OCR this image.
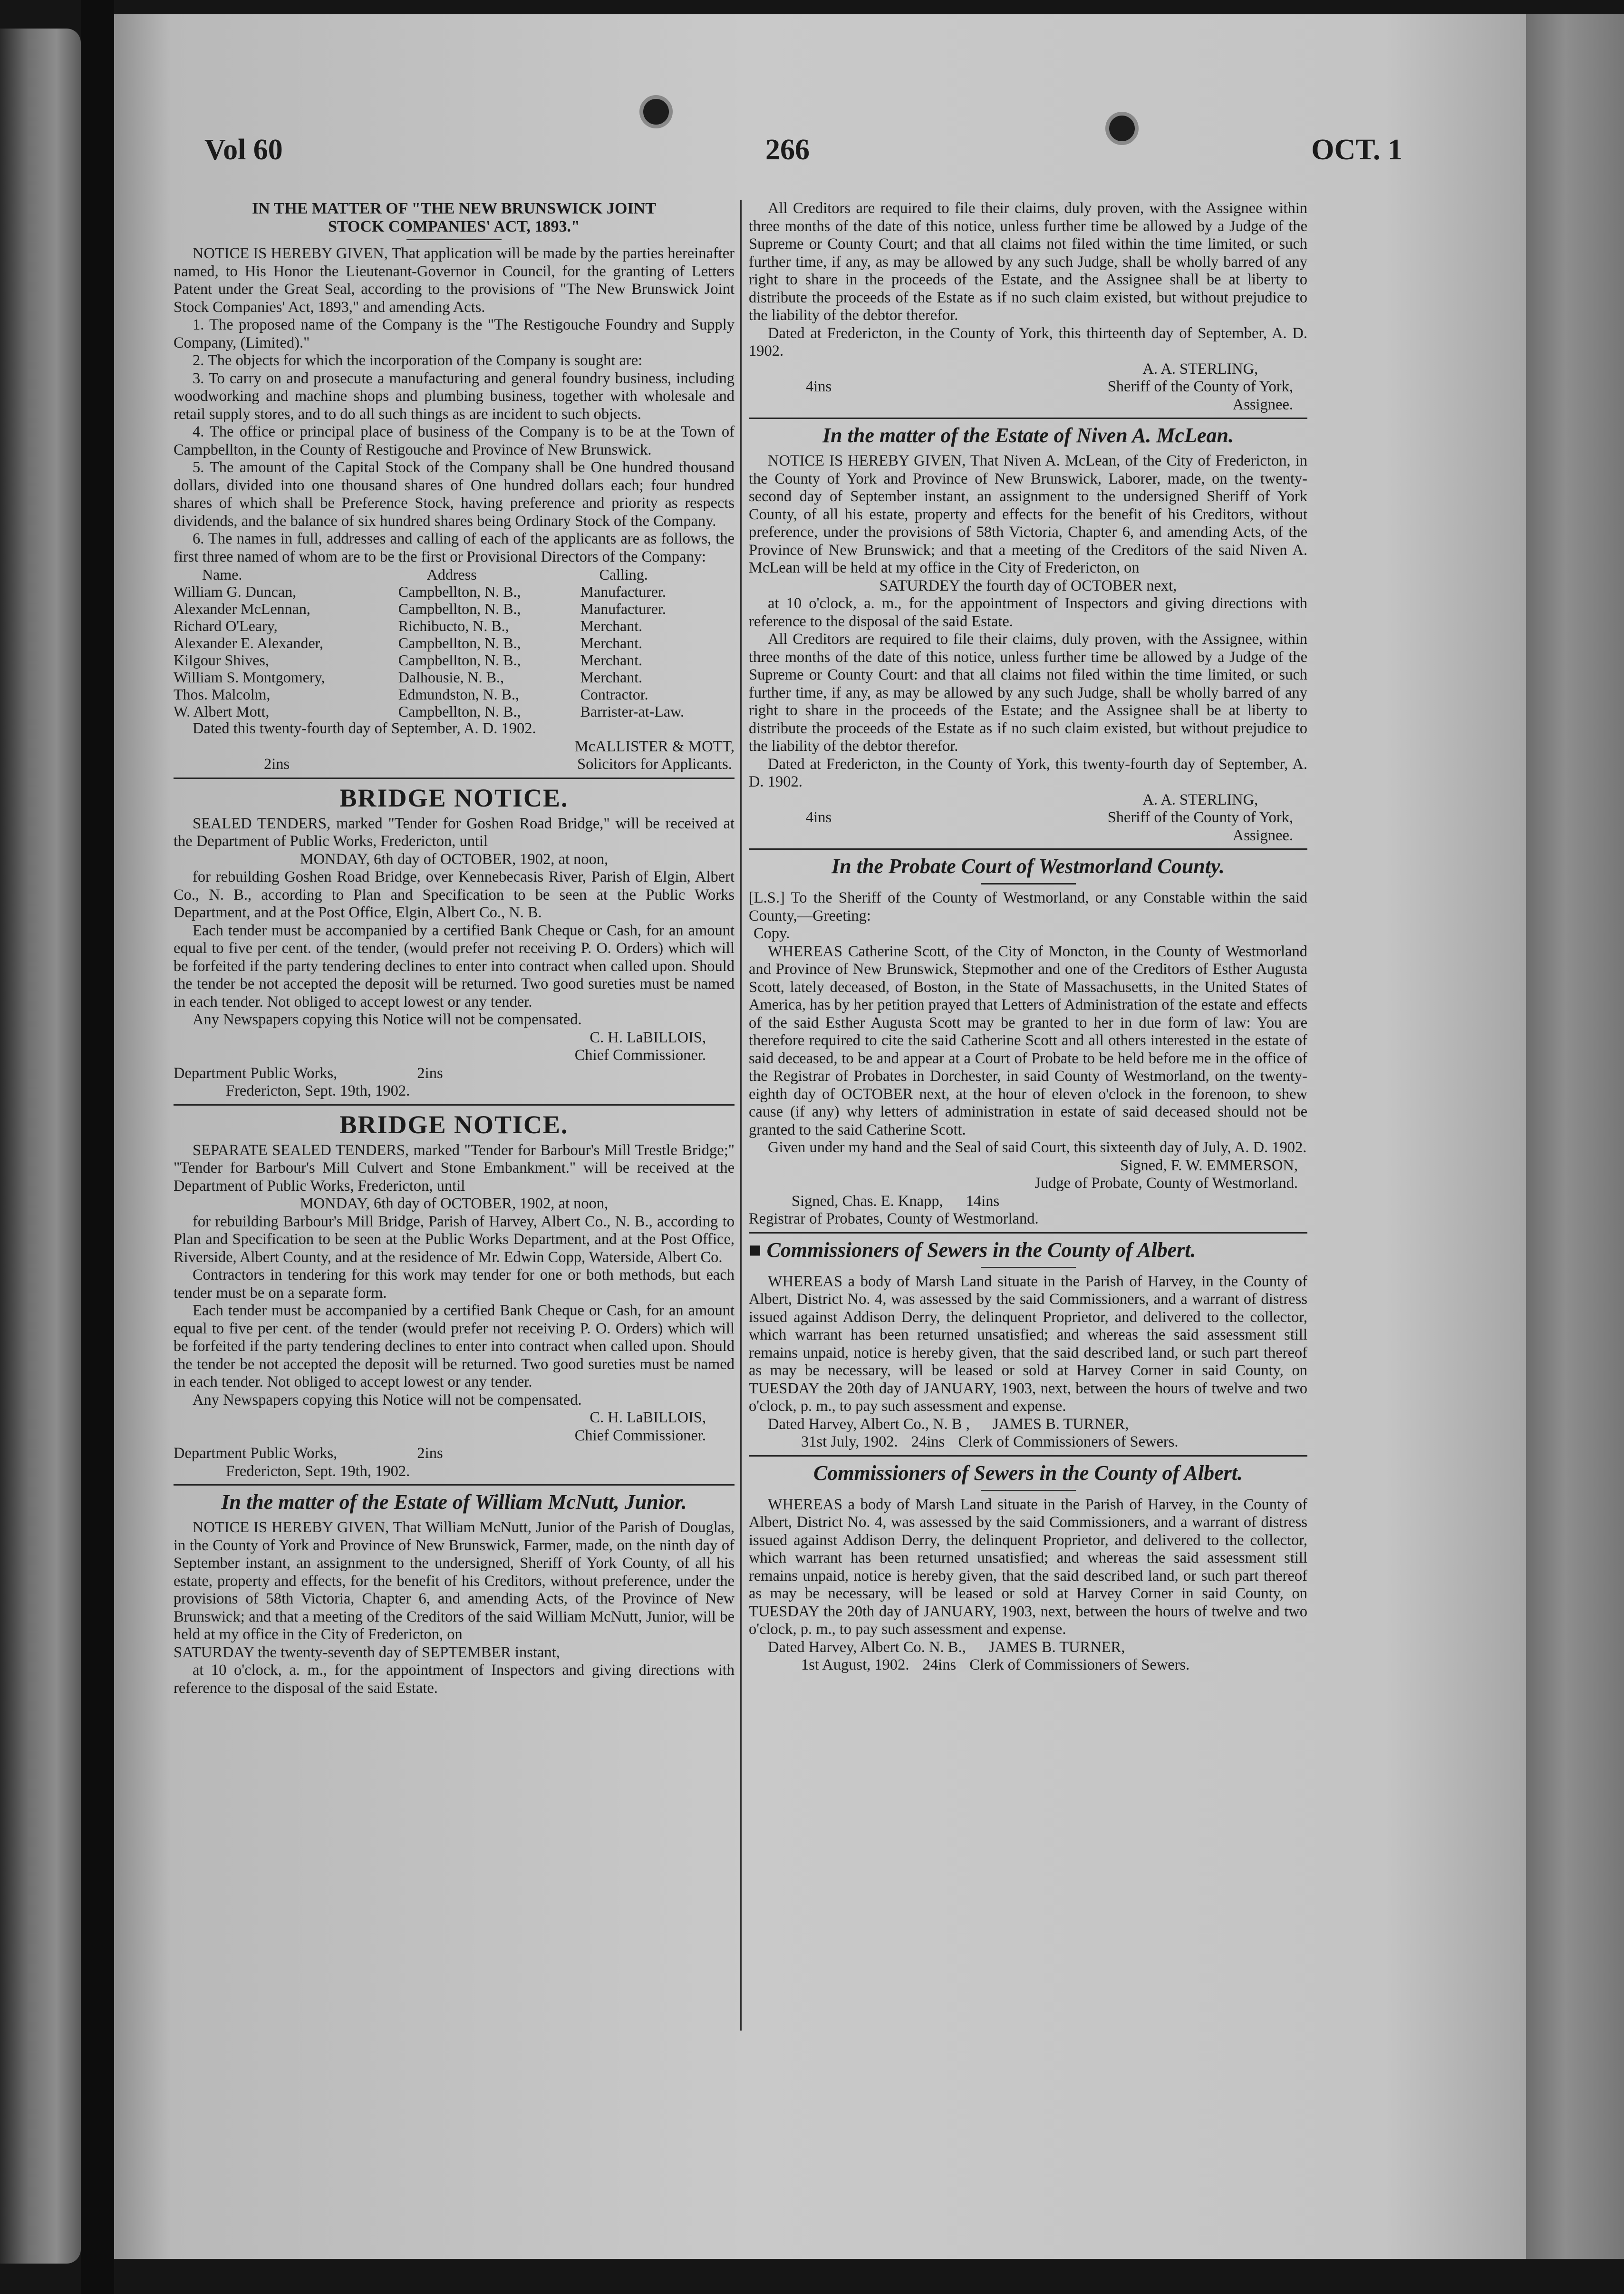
Vol 60	266	OCT. 1
IN THE MATTER OF "THE NEW BRUNSWICK JOINT
STOCK COMPANIES' ACT, 1893."

NOTICE IS HEREBY GIVEN, That application will be made by the parties hereinafter named, to His Honor the Lieutenant-Governor in Council, for the granting of Letters Patent under the Great Seal, according to the provisions of "The New Brunswick Joint Stock Companies' Act, 1893," and amending Acts.

1. The proposed name of the Company is the "The Restigouche Foundry and Supply Company, (Limited)."

2. The objects for which the incorporation of the Company is sought are:

3. To carry on and prosecute a manufacturing and general foundry business, including woodworking and machine shops and plumbing business, together with wholesale and retail supply stores, and to do all such things as are incident to such objects.

4. The office or principal place of business of the Company is to be at the Town of Campbellton, in the County of Restigouche and Province of New Brunswick.

5. The amount of the Capital Stock of the Company shall be One hundred thousand dollars, divided into one thousand shares of One hundred dollars each; four hundred shares of which shall be Preference Stock, having preference and priority as respects dividends, and the balance of six hundred shares being Ordinary Stock of the Company.

6. The names in full, addresses and calling of each of the applicants are as follows, the first three named of whom are to be the first or Provisional Directors of the Company:

Name.	Address	Calling.
William G. Duncan,	Campbellton, N. B.,	Manufacturer.
Alexander McLennan,	Campbellton, N. B.,	Manufacturer.
Richard O'Leary,	Richibucto, N. B.,	Merchant.
Alexander E. Alexander,	Campbellton, N. B.,	Merchant.
Kilgour Shives,	Campbellton, N. B.,	Merchant.
William S. Montgomery,	Dalhousie, N. B.,	Merchant.
Thos. Malcolm,	Edmundston, N. B.,	Contractor.
W. Albert Mott,	Campbellton, N. B.,	Barrister-at-Law.

Dated this twenty-fourth day of September, A. D. 1902.

2ins
McALLISTER & MOTT,
Solicitors for Applicants.
BRIDGE NOTICE.

SEALED TENDERS, marked "Tender for Goshen Road Bridge," will be received at the Department of Public Works, Fredericton, until

MONDAY, 6th day of OCTOBER, 1902, at noon,

for rebuilding Goshen Road Bridge, over Kennebecasis River, Parish of Elgin, Albert Co., N. B., according to Plan and Specification to be seen at the Public Works Department, and at the Post Office, Elgin, Albert Co., N. B.

Each tender must be accompanied by a certified Bank Cheque or Cash, for an amount equal to five per cent. of the tender, (would prefer not receiving P. O. Orders) which will be forfeited if the party tendering declines to enter into contract when called upon. Should the tender be not accepted the deposit will be returned. Two good sureties must be named in each tender. Not obliged to accept lowest or any tender.

Any Newspapers copying this Notice will not be compensated.

C. H. LaBILLOIS,
Chief Commissioner.
Department Public Works,	2ins
Fredericton, Sept. 19th, 1902.
BRIDGE NOTICE.

SEPARATE SEALED TENDERS, marked "Tender for Barbour's Mill Trestle Bridge;" "Tender for Barbour's Mill Culvert and Stone Embankment." will be received at the Department of Public Works, Fredericton, until

MONDAY, 6th day of OCTOBER, 1902, at noon,

for rebuilding Barbour's Mill Bridge, Parish of Harvey, Albert Co., N. B., according to Plan and Specification to be seen at the Public Works Department, and at the Post Office, Riverside, Albert County, and at the residence of Mr. Edwin Copp, Waterside, Albert Co.

Contractors in tendering for this work may tender for one or both methods, but each tender must be on a separate form.

Each tender must be accompanied by a certified Bank Cheque or Cash, for an amount equal to five per cent. of the tender (would prefer not receiving P. O. Orders) which will be forfeited if the party tendering declines to enter into contract when called upon. Should the tender be not accepted the deposit will be returned. Two good sureties must be named in each tender. Not obliged to accept lowest or any tender.

Any Newspapers copying this Notice will not be compensated.

C. H. LaBILLOIS,
Chief Commissioner.
Department Public Works,	2ins
Fredericton, Sept. 19th, 1902.
In the matter of the Estate of William McNutt, Junior.

NOTICE IS HEREBY GIVEN, That William McNutt, Junior of the Parish of Douglas, in the County of York and Province of New Brunswick, Farmer, made, on the ninth day of September instant, an assignment to the undersigned, Sheriff of York County, of all his estate, property and effects, for the benefit of his Creditors, without preference, under the provisions of 58th Victoria, Chapter 6, and amending Acts, of the Province of New Brunswick; and that a meeting of the Creditors of the said William McNutt, Junior, will be held at my office in the City of Fredericton, on

SATURDAY the twenty-seventh day of SEPTEMBER instant,

at 10 o'clock, a. m., for the appointment of Inspectors and giving directions with reference to the disposal of the said Estate.

All Creditors are required to file their claims, duly proven, with the Assignee within three months of the date of this notice, unless further time be allowed by a Judge of the Supreme or County Court; and that all claims not filed within the time limited, or such further time, if any, as may be allowed by any such Judge, shall be wholly barred of any right to share in the proceeds of the Estate, and the Assignee shall be at liberty to distribute the proceeds of the Estate as if no such claim existed, but without prejudice to the liability of the debtor therefor.

Dated at Fredericton, in the County of York, this thirteenth day of September, A. D. 1902.

4ins
A. A. STERLING,
Sheriff of the County of York,
Assignee.
In the matter of the Estate of Niven A. McLean.

NOTICE IS HEREBY GIVEN, That Niven A. McLean, of the City of Fredericton, in the County of York and Province of New Brunswick, Laborer, made, on the twenty-second day of September instant, an assignment to the undersigned Sheriff of York County, of all his estate, property and effects for the benefit of his Creditors, without preference, under the provisions of 58th Victoria, Chapter 6, and amending Acts, of the Province of New Brunswick; and that a meeting of the Creditors of the said Niven A. McLean will be held at my office in the City of Fredericton, on

SATURDEY the fourth day of OCTOBER next,

at 10 o'clock, a. m., for the appointment of Inspectors and giving directions with reference to the disposal of the said Estate.

All Creditors are required to file their claims, duly proven, with the Assignee, within three months of the date of this notice, unless further time be allowed by a Judge of the Supreme or County Court: and that all claims not filed within the time limited, or such further time, if any, as may be allowed by any such Judge, shall be wholly barred of any right to share in the proceeds of the Estate; and the Assignee shall be at liberty to distribute the proceeds of the Estate as if no such claim existed, but without prejudice to the liability of the debtor therefor.

Dated at Fredericton, in the County of York, this twenty-fourth day of September, A. D. 1902.

4ins
A. A. STERLING,
Sheriff of the County of York,
Assignee.
In the Probate Court of Westmorland County.

[L.S.] To the Sheriff of the County of Westmorland, or any Constable within the said County,—Greeting:

Copy.

WHEREAS Catherine Scott, of the City of Moncton, in the County of Westmorland and Province of New Brunswick, Stepmother and one of the Creditors of Esther Augusta Scott, lately deceased, of Boston, in the State of Massachusetts, in the United States of America, has by her petition prayed that Letters of Administration of the estate and effects of the said Esther Augusta Scott may be granted to her in due form of law: You are therefore required to cite the said Catherine Scott and all others interested in the estate of said deceased, to be and appear at a Court of Probate to be held before me in the office of the Registrar of Probates in Dorchester, in said County of Westmorland, on the twenty-eighth day of OCTOBER next, at the hour of eleven o'clock in the forenoon, to shew cause (if any) why letters of administration in estate of said deceased should not be granted to the said Catherine Scott.

Given under my hand and the Seal of said Court, this sixteenth day of July, A. D. 1902.

Signed, F. W. EMMERSON,
Judge of Probate, County of Westmorland.
Signed, Chas. E. Knapp, 14ins
Registrar of Probates, County of Westmorland.
■ Commissioners of Sewers in the County of Albert.

WHEREAS a body of Marsh Land situate in the Parish of Harvey, in the County of Albert, District No. 4, was assessed by the said Commissioners, and a warrant of distress issued against Addison Derry, the delinquent Proprietor, and delivered to the collector, which warrant has been returned unsatisfied; and whereas the said assessment still remains unpaid, notice is hereby given, that the said described land, or such part thereof as may be necessary, will be leased or sold at Harvey Corner in said County, on TUESDAY the 20th day of JANUARY, 1903, next, between the hours of twelve and two o'clock, p. m., to pay such assessment and expense.

Dated Harvey, Albert Co., N. B , JAMES B. TURNER,
31st July, 1902. 24ins Clerk of Commissioners of Sewers.
Commissioners of Sewers in the County of Albert.

WHEREAS a body of Marsh Land situate in the Parish of Harvey, in the County of Albert, District No. 4, was assessed by the said Commissioners, and a warrant of distress issued against Addison Derry, the delinquent Proprietor, and delivered to the collector, which warrant has been returned unsatisfied; and whereas the said assessment still remains unpaid, notice is hereby given, that the said described land, or such part thereof as may be necessary, will be leased or sold at Harvey Corner in said County, on TUESDAY the 20th day of JANUARY, 1903, next, between the hours of twelve and two o'clock, p. m., to pay such assessment and expense.

Dated Harvey, Albert Co. N. B., JAMES B. TURNER,
1st August, 1902. 24ins Clerk of Commissioners of Sewers.
